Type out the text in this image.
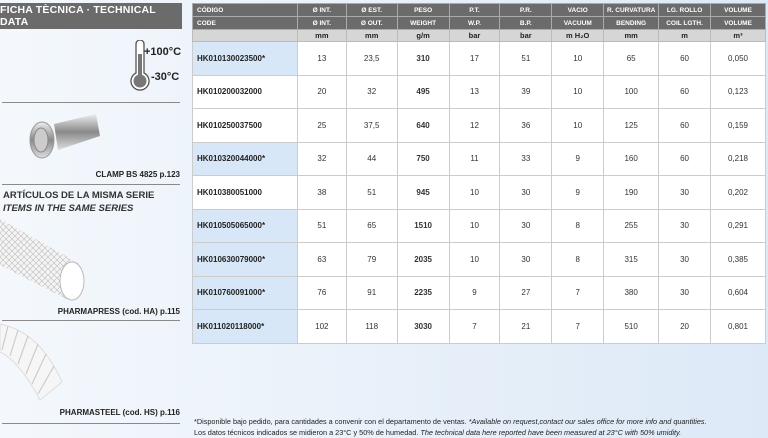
FICHA TÈCNICA · TECHNICAL DATA
+100°C
-30°C
CLAMP BS 4825 p.123
ARTÍCULOS DE LA MISMA SERIE
ITEMS IN THE SAME SERIES
PHARMAPRESS (cod. HA) p.115
PHARMASTEEL (cod. HS) p.116
CÓDIGO	Ø INT.	Ø EST.	PESO	P.T.	P.R.	VACIO	R. CURVATURA	LG. ROLLO	VOLUME
CODE	Ø INT.	Ø OUT.	WEIGHT	W.P.	B.P.	VACUUM	BENDING	COIL LGTH.	VOLUME
	mm	mm	g/m	bar	bar	m H₂O	mm	m	m³
HK010130023500*	13	23,5	310	17	51	10	65	60	0,050
HK010200032000	20	32	495	13	39	10	100	60	0,123
HK010250037500	25	37,5	640	12	36	10	125	60	0,159
HK010320044000*	32	44	750	11	33	9	160	60	0,218
HK010380051000	38	51	945	10	30	9	190	30	0,202
HK010505065000*	51	65	1510	10	30	8	255	30	0,291
HK010630079000*	63	79	2035	10	30	8	315	30	0,385
HK010760091000*	76	91	2235	9	27	7	380	30	0,604
HK011020118000*	102	118	3030	7	21	7	510	20	0,801
*Disponible bajo pedido, para cantidades a convenir con el departamento de ventas. *Available on request,contact our sales office for more info and quantities.
Los datos técnicos indicados se midieron a 23°C y 50% de humedad. The technical data here reported have been measured at 23°C with 50% umidity.
